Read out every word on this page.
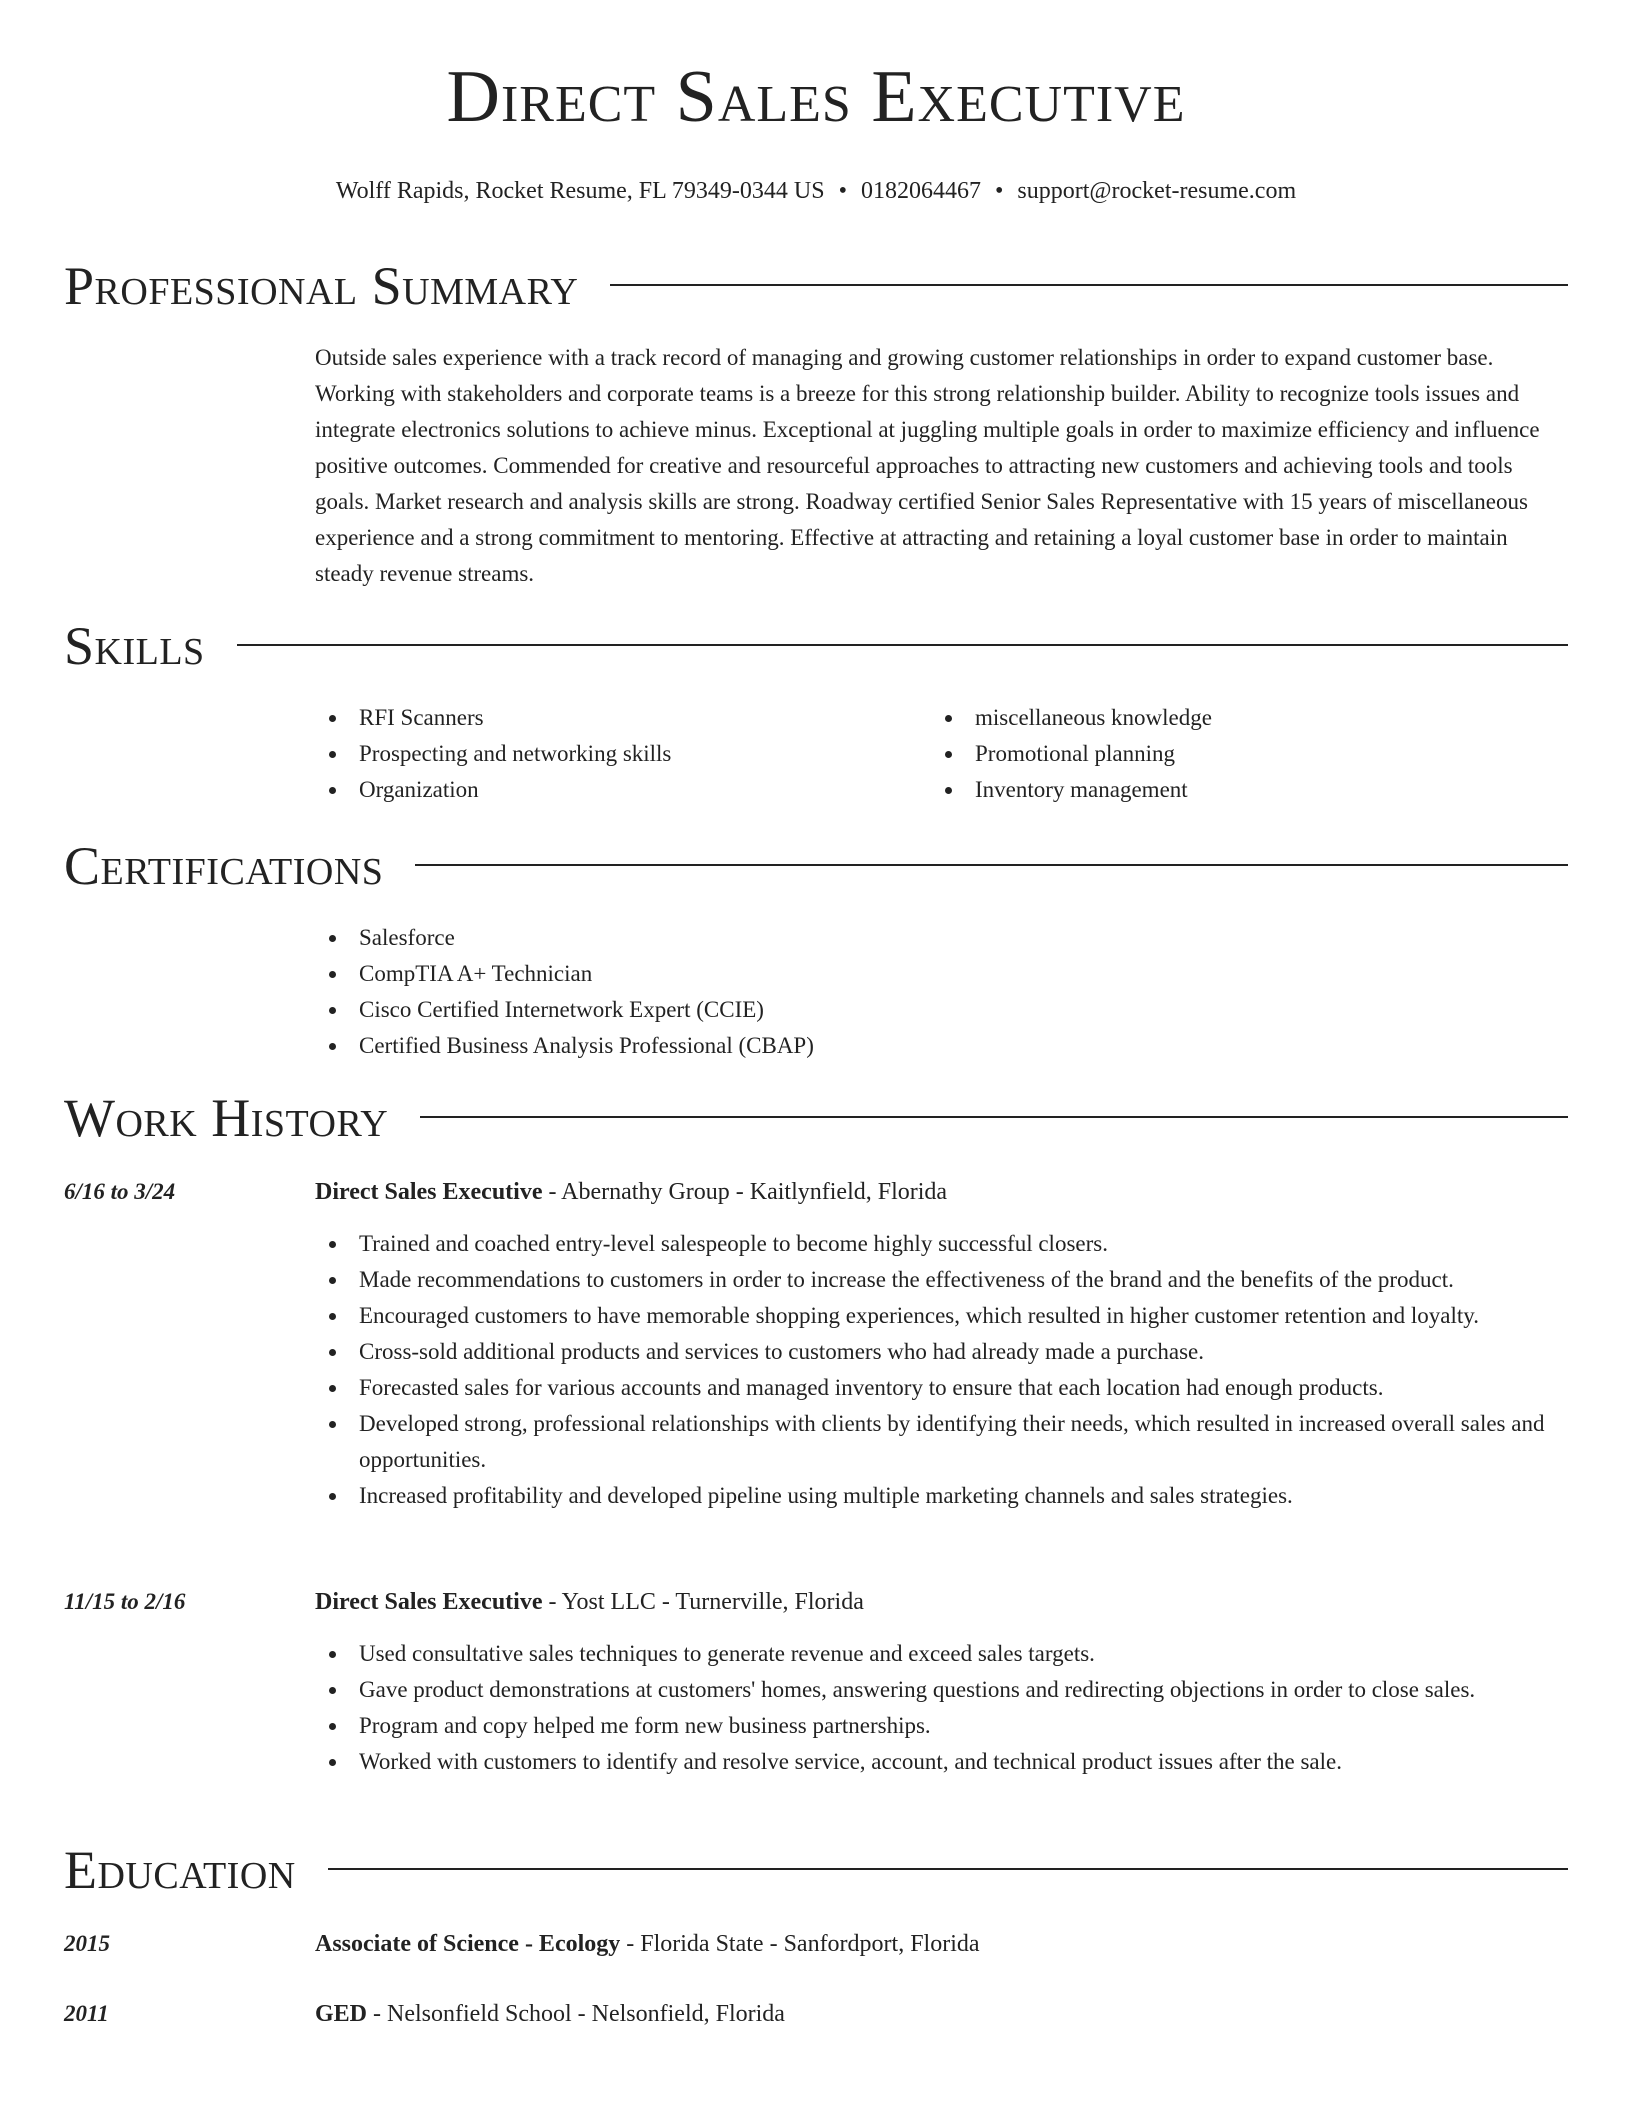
Direct Sales Executive
Wolff Rapids, Rocket Resume, FL 79349-0344 US • 0182064467 • support@rocket-resume.com
Professional Summary

Outside sales experience with a track record of managing and growing customer relationships in order to expand customer base. Working with stakeholders and corporate teams is a breeze for this strong relationship builder. Ability to recognize tools issues and integrate electronics solutions to achieve minus. Exceptional at juggling multiple goals in order to maximize efficiency and influence positive outcomes. Commended for creative and resourceful approaches to attracting new customers and achieving tools and tools goals. Market research and analysis skills are strong. Roadway certified Senior Sales Representative with 15 years of miscellaneous experience and a strong commitment to mentoring. Effective at attracting and retaining a loyal customer base in order to maintain steady revenue streams.

Skills
RFI Scanners
Prospecting and networking skills
Organization
miscellaneous knowledge
Promotional planning
Inventory management
Certifications
Salesforce
CompTIA A+ Technician
Cisco Certified Internetwork Expert (CCIE)
Certified Business Analysis Professional (CBAP)
Work History
6/16 to 3/24	Direct Sales Executive - Abernathy Group - Kaitlynfield, Florida
Trained and coached entry-level salespeople to become highly successful closers.
Made recommendations to customers in order to increase the effectiveness of the brand and the benefits of the product.
Encouraged customers to have memorable shopping experiences, which resulted in higher customer retention and loyalty.
Cross-sold additional products and services to customers who had already made a purchase.
Forecasted sales for various accounts and managed inventory to ensure that each location had enough products.
Developed strong, professional relationships with clients by identifying their needs, which resulted in increased overall sales and opportunities.
Increased profitability and developed pipeline using multiple marketing channels and sales strategies.
11/15 to 2/16	Direct Sales Executive - Yost LLC - Turnerville, Florida
Used consultative sales techniques to generate revenue and exceed sales targets.
Gave product demonstrations at customers' homes, answering questions and redirecting objections in order to close sales.
Program and copy helped me form new business partnerships.
Worked with customers to identify and resolve service, account, and technical product issues after the sale.
Education
2015	Associate of Science - Ecology - Florida State - Sanfordport, Florida
2011	GED - Nelsonfield School - Nelsonfield, Florida
